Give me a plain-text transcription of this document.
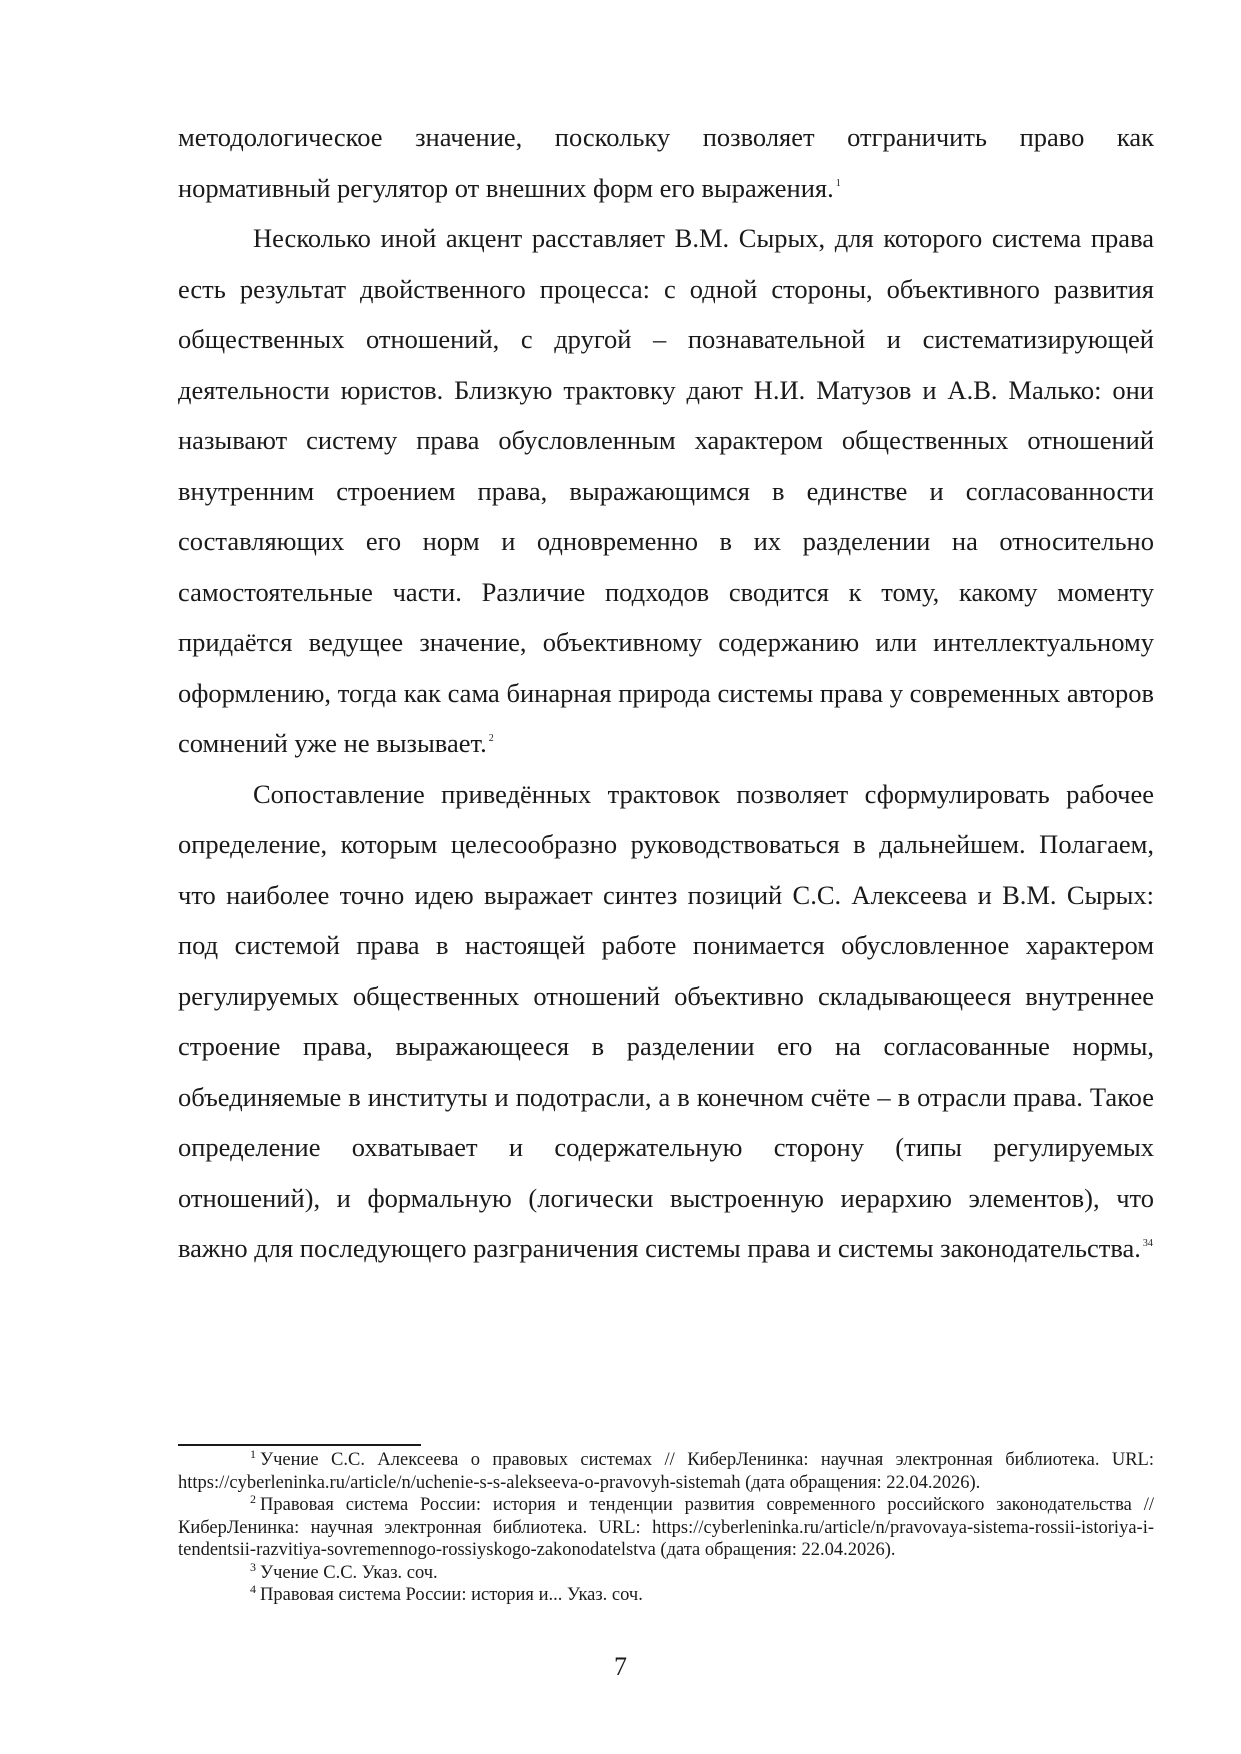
методологическое значение, поскольку позволяет отграничить право как нормативный регулятор от внешних форм его выражения. $^1$

Несколько иной акцент расставляет В.М. Сырых, для которого система права есть результат двойственного процесса: с одной стороны, объективного развития общественных отношений, с другой – познавательной и систематизирующей деятельности юристов. Близкую трактовку дают Н.И. Матузов и А.В. Малько: они называют систему права обусловленным характером общественных отношений внутренним строением права, выражающимся в единстве и согласованности составляющих его норм и одновременно в их разделении на относительно самостоятельные части. Различие подходов сводится к тому, какому моменту придаётся ведущее значение, объективному содержанию или интеллектуальному оформлению, тогда как сама бинарная природа системы права у современных авторов сомнений уже не вызывает. $^2$

Сопоставление приведённых трактовок позволяет сформулировать рабочее определение, которым целесообразно руководствоваться в дальнейшем. Полагаем, что наиболее точно идею выражает синтез позиций С.С. Алексеева и В.М. Сырых: под системой права в настоящей работе понимается обусловленное характером регулируемых общественных отношений объективно складывающееся внутреннее строение права, выражающееся в разделении его на согласованные нормы, объединяемые в институты и подотрасли, а в конечном счёте – в отрасли права. Такое определение охватывает и содержательную сторону (типы регулируемых отношений), и формальную (логически выстроенную иерархию элементов), что важно для последующего разграничения системы права и системы законодательства. $^{34}$

$^1$ Учение С.С. Алексеева о правовых системах // КиберЛенинка: научная электронная библиотека. URL: https://cyberleninka.ru/article/n/uchenie-s-s-alekseeva-o-pravovyh-sistemah (дата обращения: 22.04.2026).

$^2$ Правовая система России: история и тенденции развития современного российского законодательства // КиберЛенинка: научная электронная библиотека. URL: https://cyberleninka.ru/article/n/pravovaya-sistema-rossii-istoriya-i-tendentsii-razvitiya-sovremennogo-rossiyskogo-zakonodatelstva (дата обращения: 22.04.2026).

$^3$ Учение С.С. Указ. соч.

$^4$ Правовая система России: история и... Указ. соч.

7
